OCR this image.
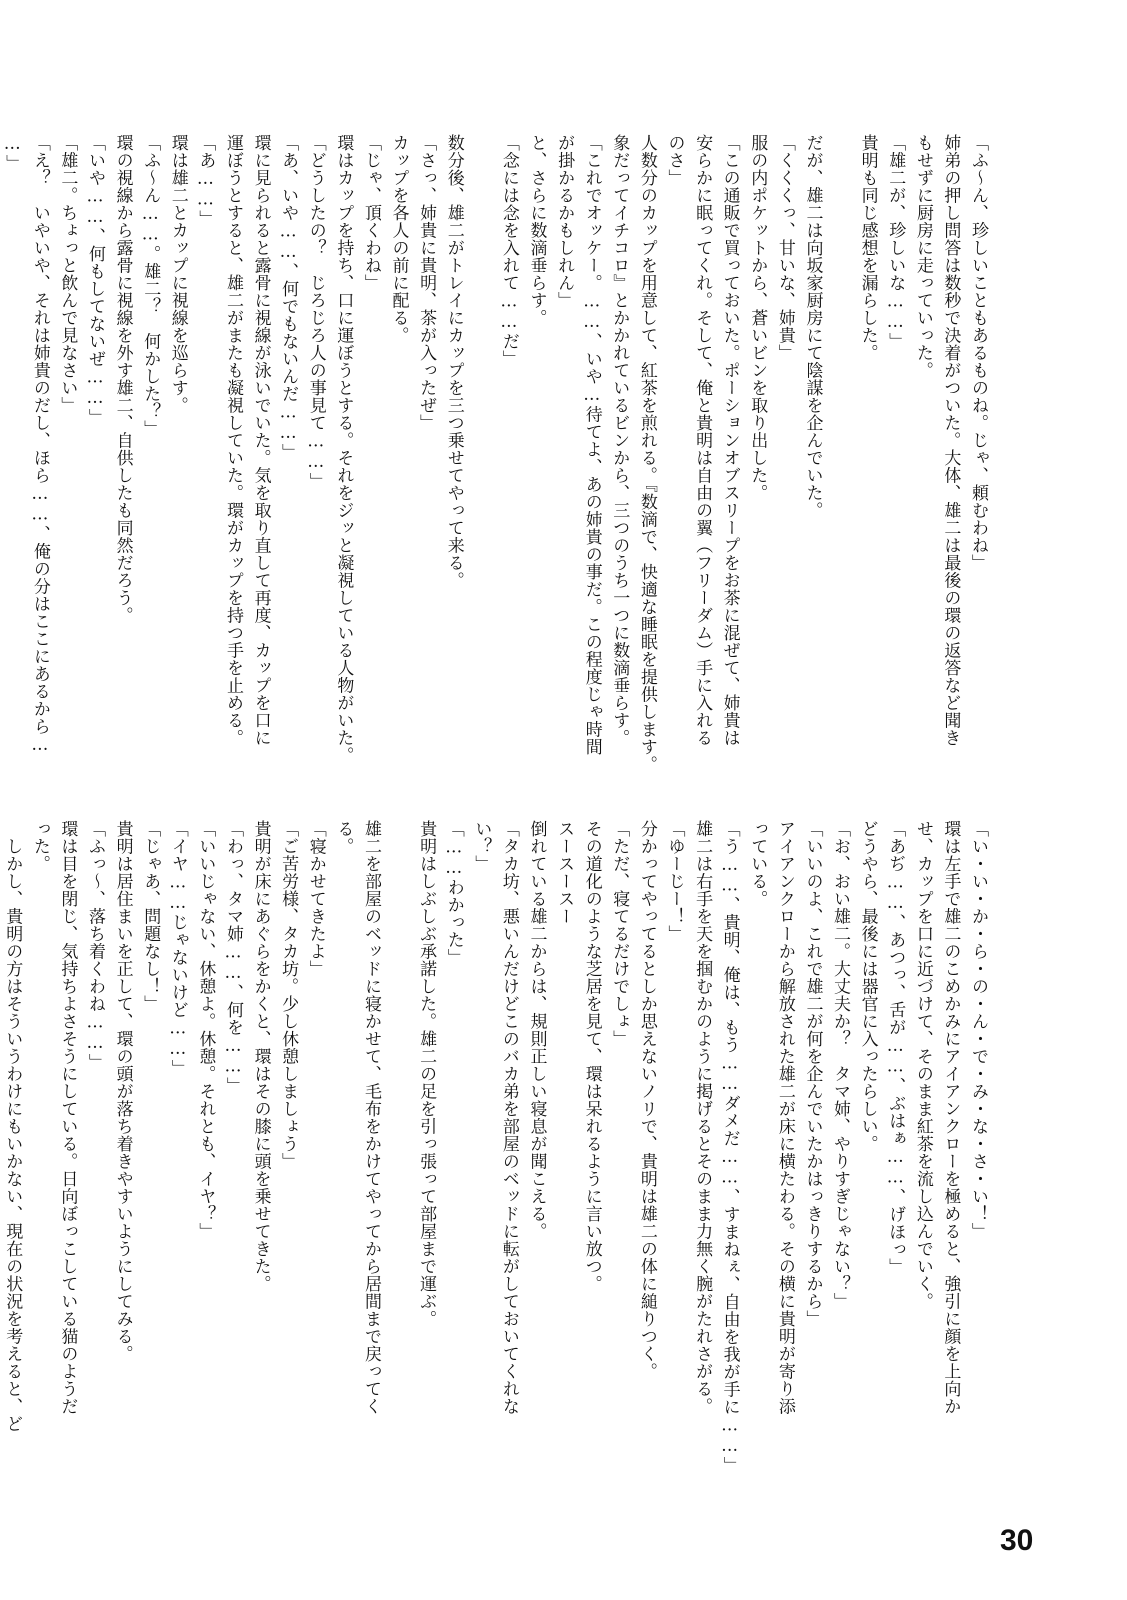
「ふ～ん、珍しいこともあるものね。じゃ、頼むわね」

姉弟の押し問答は数秒で決着がついた。大体、雄二は最後の環の返答など聞き

もせずに厨房に走っていった。

「雄二が、珍しいな……」

貴明も同じ感想を漏らした。

だが、雄二は向坂家厨房にて陰謀を企んでいた。

「くくくっ、甘いな、姉貴」

服の内ポケットから、蒼いビンを取り出した。

「この通販で買っておいた。ポーションオブスリープをお茶に混ぜて、姉貴は

安らかに眠ってくれ。そして、俺と貴明は自由の翼（フリーダム）手に入れる

のさ」

人数分のカップを用意して、紅茶を煎れる。『数滴で、快適な睡眠を提供します。

象だってイチコロ』とかかれているビンから、三つのうち一つに数滴垂らす。

「これでオッケー。……、いや…待てよ、あの姉貴の事だ。この程度じゃ時間

が掛かるかもしれん」

と、さらに数滴垂らす。

「念には念を入れて……だ」

数分後、雄二がトレイにカップを三つ乗せてやって来る。

「さっ、姉貴に貴明、茶が入ったぜ」

カップを各人の前に配る。

「じゃ、頂くわね」

環はカップを持ち、口に運ぼうとする。それをジッと凝視している人物がいた。

「どうしたの？　じろじろ人の事見て……」

「あ、いや……、何でもないんだ……」

環に見られると露骨に視線が泳いでいた。気を取り直して再度、カップを口に

運ぼうとすると、雄二がまたも凝視していた。環がカップを持つ手を止める。

「あ……」

環は雄二とカップに視線を巡らす。

「ふ～ん……。雄二？　何かした？」

環の視線から露骨に視線を外す雄二、自供したも同然だろう。

「いや……、何もしてないぜ……」

「雄二。ちょっと飲んで見なさい」

「え？　いやいや、それは姉貴のだし、ほら……、俺の分はここにあるから…

…」

「い・い・か・ら・の・ん・で・み・な・さ・い！」

環は左手で雄二のこめかみにアイアンクローを極めると、強引に顔を上向か

せ、カップを口に近づけて、そのまま紅茶を流し込んでいく。

「あぢ……、あつっ、舌が……、ぶはぁ……、げほっ」

どうやら、最後には器官に入ったらしい。

「お、おい雄二。大丈夫か？　タマ姉、やりすぎじゃない？」

「いいのよ、これで雄二が何を企んでいたかはっきりするから」

アイアンクローから解放された雄二が床に横たわる。その横に貴明が寄り添

っている。

「う……、貴明、俺は、もう……ダメだ……、すまねぇ、自由を我が手に……」

雄二は右手を天を掴むかのように掲げるとそのまま力無く腕がたれさがる。

「ゆーじー！」

分かってやってるとしか思えないノリで、貴明は雄二の体に縋りつく。

「ただ、寝てるだけでしょ」

その道化のような芝居を見て、環は呆れるように言い放つ。

スースースー

倒れている雄二からは、規則正しい寝息が聞こえる。

「タカ坊、悪いんだけどこのバカ弟を部屋のベッドに転がしておいてくれな

い？」

「……わかった」

貴明はしぶしぶ承諾した。雄二の足を引っ張って部屋まで運ぶ。

雄二を部屋のベッドに寝かせて、毛布をかけてやってから居間まで戻ってく

る。

「寝かせてきたよ」

「ご苦労様、タカ坊。少し休憩しましょう」

貴明が床にあぐらをかくと、環はその膝に頭を乗せてきた。

「わっ、タマ姉……、何を……」

「いいじゃない、休憩よ。休憩。それとも、イヤ？」

「イヤ……じゃないけど……」

「じゃあ、問題なし！」

貴明は居住まいを正して、環の頭が落ち着きやすいようにしてみる。

「ふっ～、落ち着くわね……」

環は目を閉じ、気持ちよさそうにしている。日向ぼっこしている猫のようだ

った。

　しかし、貴明の方はそういうわけにもいかない、現在の状況を考えると、ど

30
